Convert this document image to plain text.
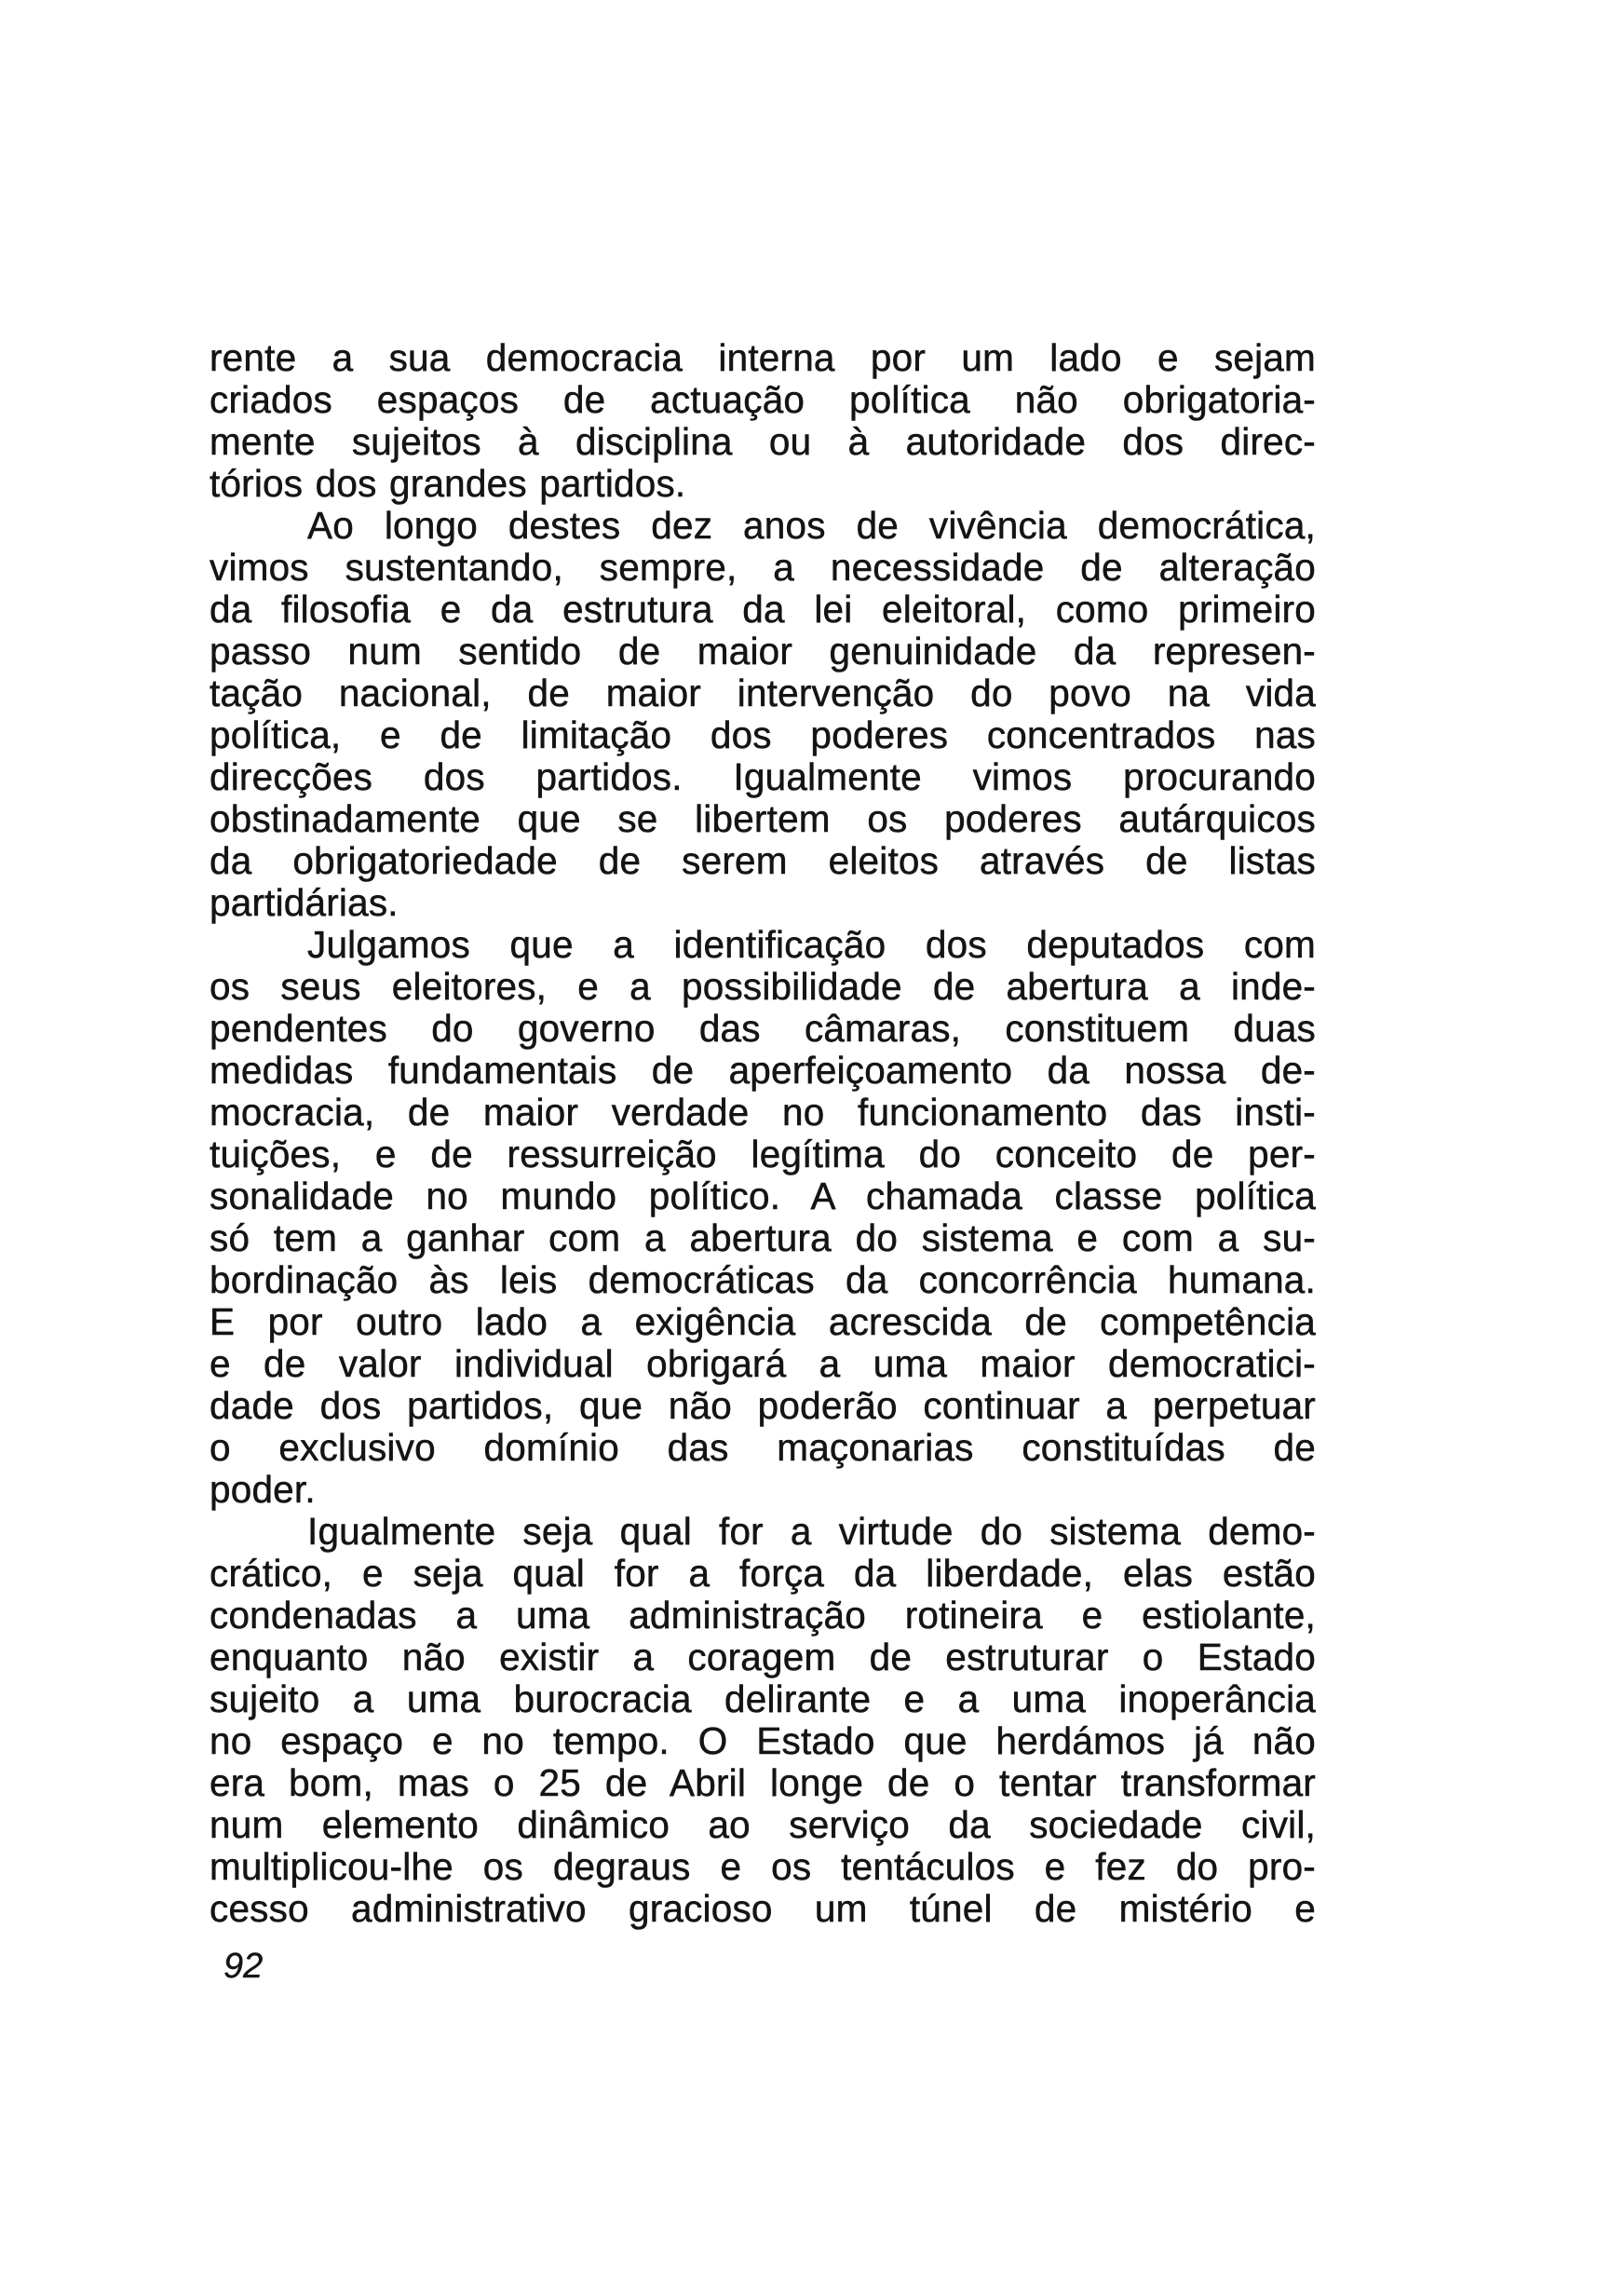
rente a sua democracia interna por um lado e sejam
criados espaços de actuação política não obrigatoria-
mente sujeitos à disciplina ou à autoridade dos direc-
tórios dos grandes partidos.
Ao longo destes dez anos de vivência democrática,
vimos sustentando, sempre, a necessidade de alteração
da filosofia e da estrutura da lei eleitoral, como primeiro
passo num sentido de maior genuinidade da represen-
tação nacional, de maior intervenção do povo na vida
política, e de limitação dos poderes concentrados nas
direcções dos partidos. Igualmente vimos procurando
obstinadamente que se libertem os poderes autárquicos
da obrigatoriedade de serem eleitos através de listas
partidárias.
Julgamos que a identificação dos deputados com
os seus eleitores, e a possibilidade de abertura a inde-
pendentes do governo das câmaras, constituem duas
medidas fundamentais de aperfeiçoamento da nossa de-
mocracia, de maior verdade no funcionamento das insti-
tuições, e de ressurreição legítima do conceito de per-
sonalidade no mundo político. A chamada classe política
só tem a ganhar com a abertura do sistema e com a su-
bordinação às leis democráticas da concorrência humana.
E por outro lado a exigência acrescida de competência
e de valor individual obrigará a uma maior democratici-
dade dos partidos, que não poderão continuar a perpetuar
o exclusivo domínio das maçonarias constituídas de
poder.
Igualmente seja qual for a virtude do sistema demo-
crático, e seja qual for a força da liberdade, elas estão
condenadas a uma administração rotineira e estiolante,
enquanto não existir a coragem de estruturar o Estado
sujeito a uma burocracia delirante e a uma inoperância
no espaço e no tempo. O Estado que herdámos já não
era bom, mas o 25 de Abril longe de o tentar transformar
num elemento dinâmico ao serviço da sociedade civil,
multiplicou-lhe os degraus e os tentáculos e fez do pro-
cesso administrativo gracioso um túnel de mistério e
92
